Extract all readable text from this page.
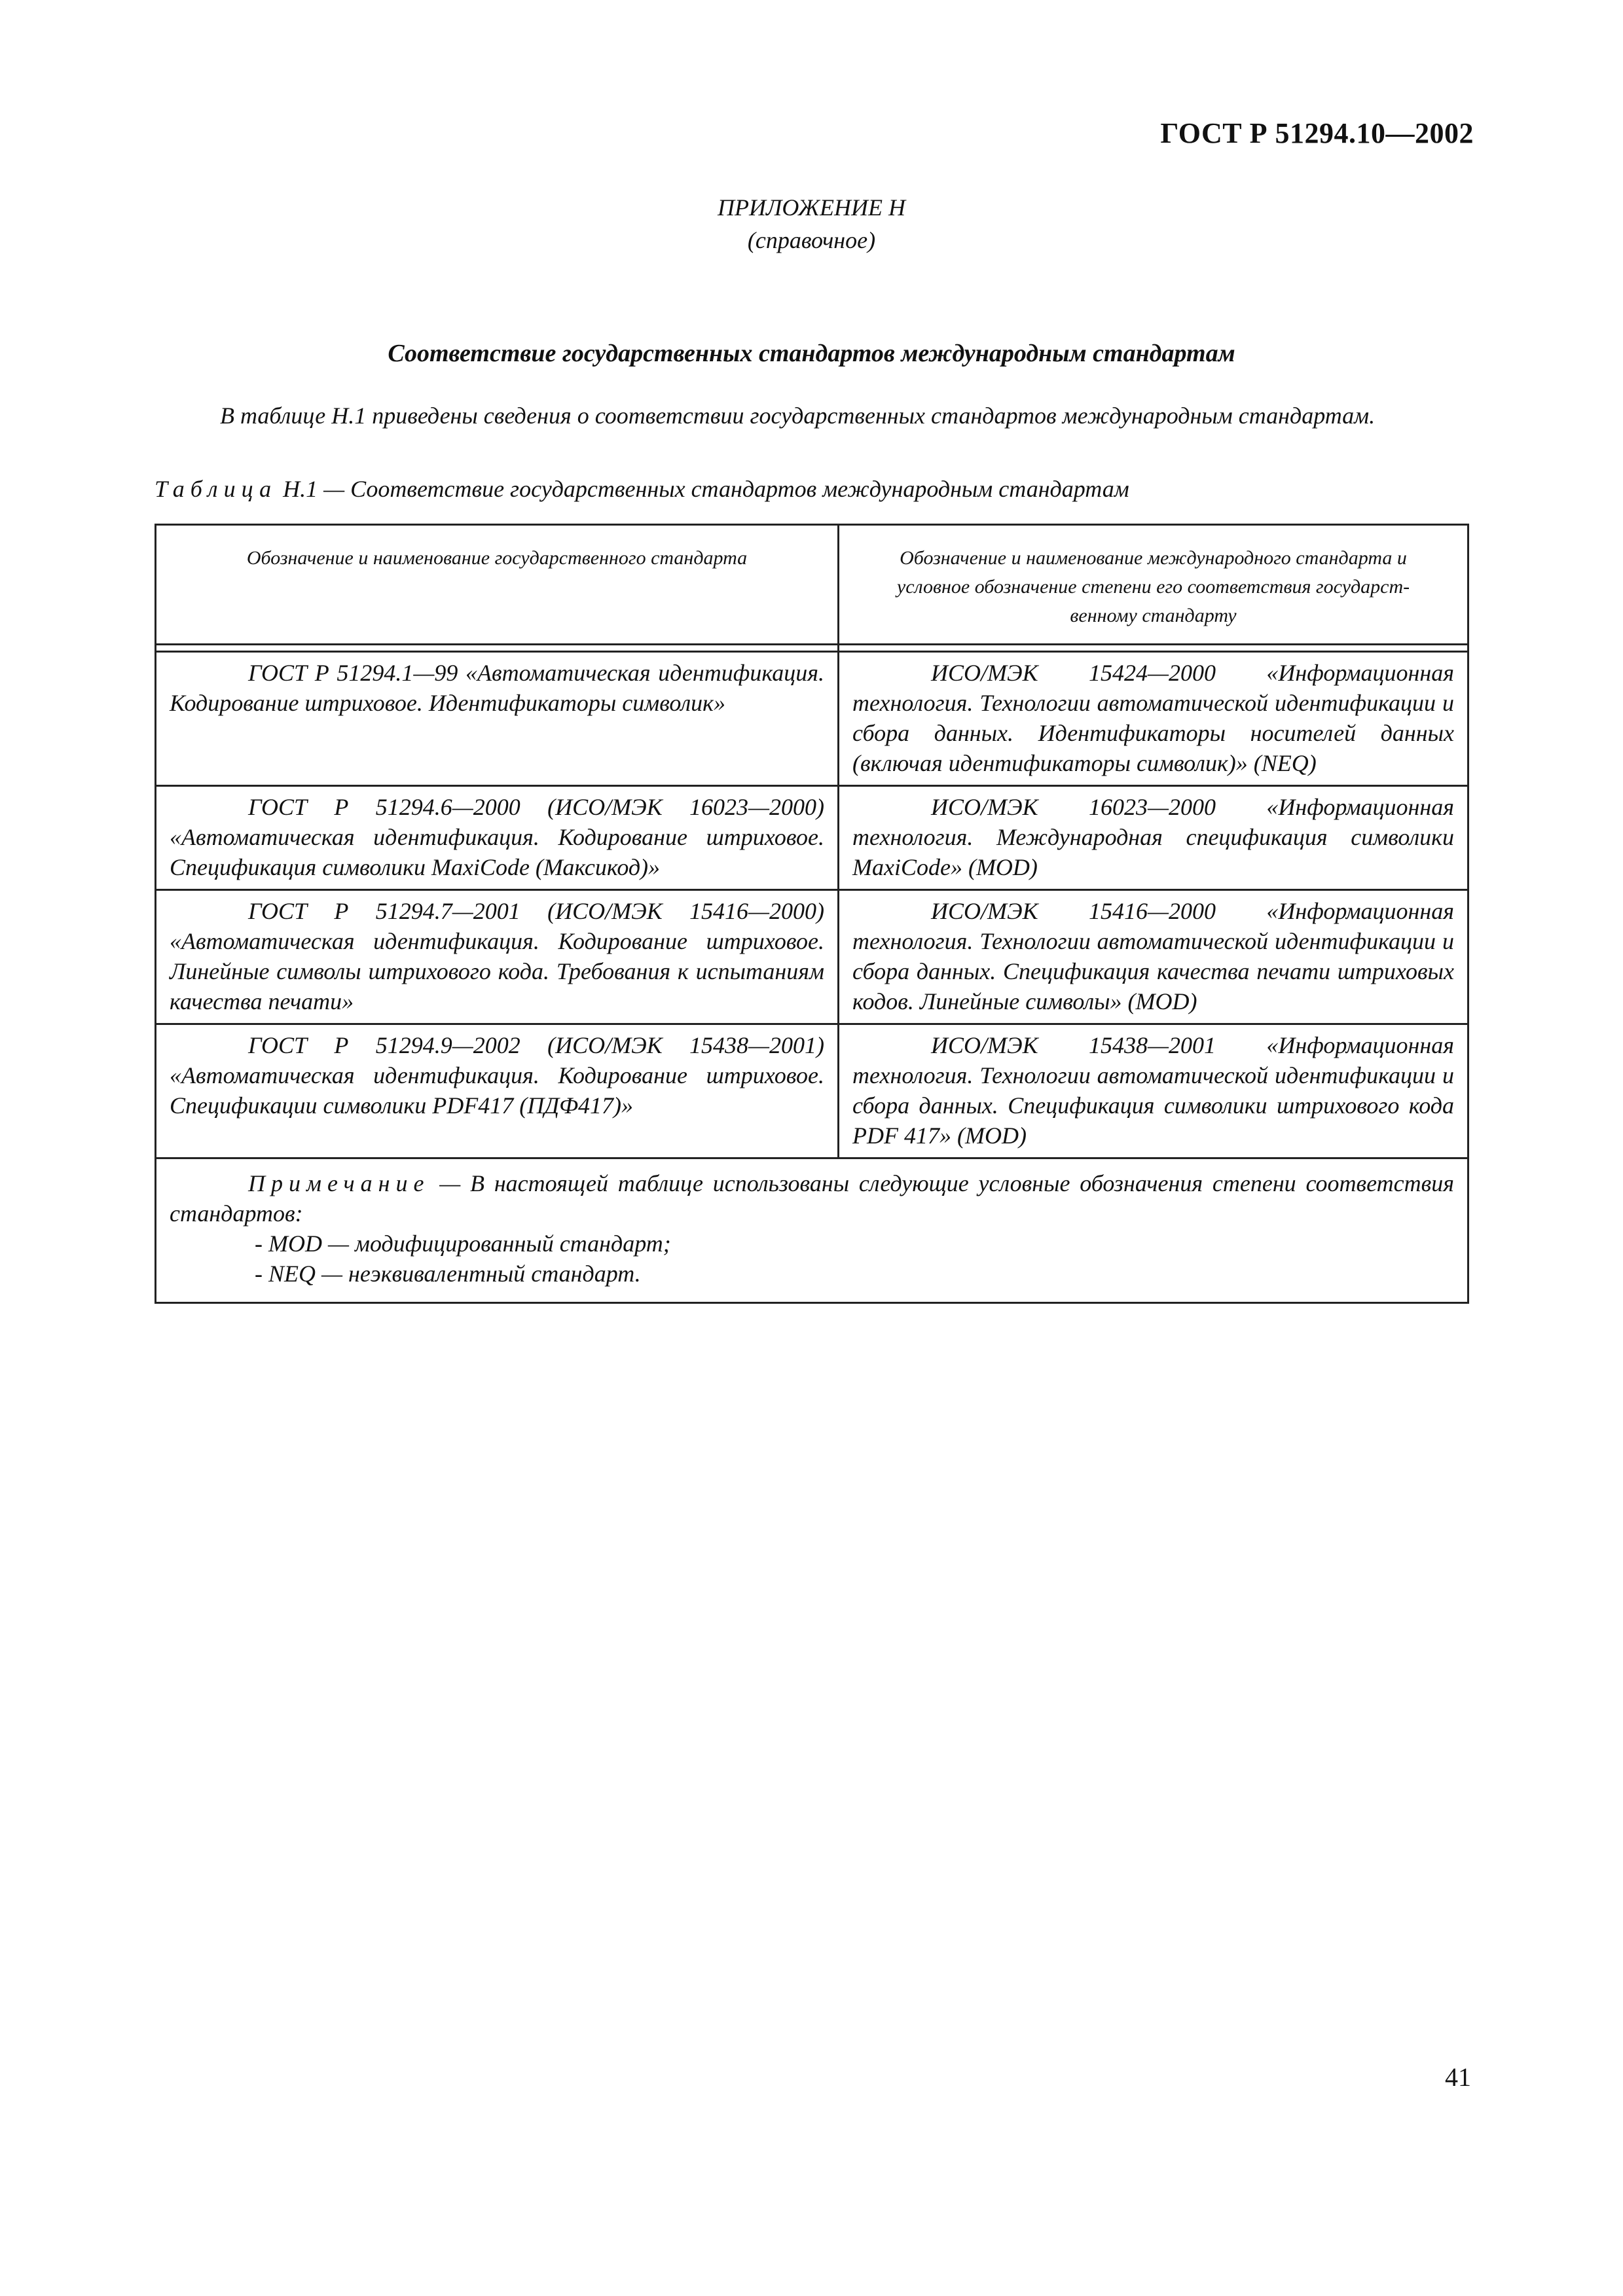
ГОСТ Р 51294.10—2002
ПРИЛОЖЕНИЕ Н
(справочное)
Соответствие государственных стандартов международным стандартам
В таблице Н.1 приведены сведения о соответствии государственных стандартов международным стандартам.
Таблица Н.1 — Соответствие государственных стандартов международным стандартам
Обозначение и наименование государственного стандарта	Обозначение и наименование международного стандарта и условное обозначение степени его соответствия государст-венному стандарту

ГОСТ Р 51294.1—99 «Автоматическая идентификация. Кодирование штриховое. Идентификаторы символик»	ИСО/МЭК 15424—2000 «Информационная технология. Технологии автоматической идентификации и сбора данных. Идентификаторы носителей данных (включая идентификаторы символик)» (NEQ)

ГОСТ Р 51294.6—2000 (ИСО/МЭК 16023—2000) «Автоматическая идентификация. Кодирование штриховое. Спецификация символики MaxiCode (Максикод)»	ИСО/МЭК 16023—2000 «Информационная технология. Международная спецификация символики MaxiCode» (MOD)

ГОСТ Р 51294.7—2001 (ИСО/МЭК 15416—2000) «Автоматическая идентификация. Кодирование штриховое. Линейные символы штрихового кода. Требования к испытаниям качества печати»	ИСО/МЭК 15416—2000 «Информационная технология. Технологии автоматической идентификации и сбора данных. Спецификация качества печати штриховых кодов. Линейные символы» (MOD)

ГОСТ Р 51294.9—2002 (ИСО/МЭК 15438—2001) «Автоматическая идентификация. Кодирование штриховое. Спецификации символики PDF417 (ПДФ417)»	ИСО/МЭК 15438—2001 «Информационная технология. Технологии автоматической идентификации и сбора данных. Спецификация символики штрихового кода PDF 417» (MOD)

Примечание — В настоящей таблице использованы следующие условные обозначения степени соответствия стандартов:

- MOD — модифицированный стандарт;

- NEQ — неэквивалентный стандарт.	

41
